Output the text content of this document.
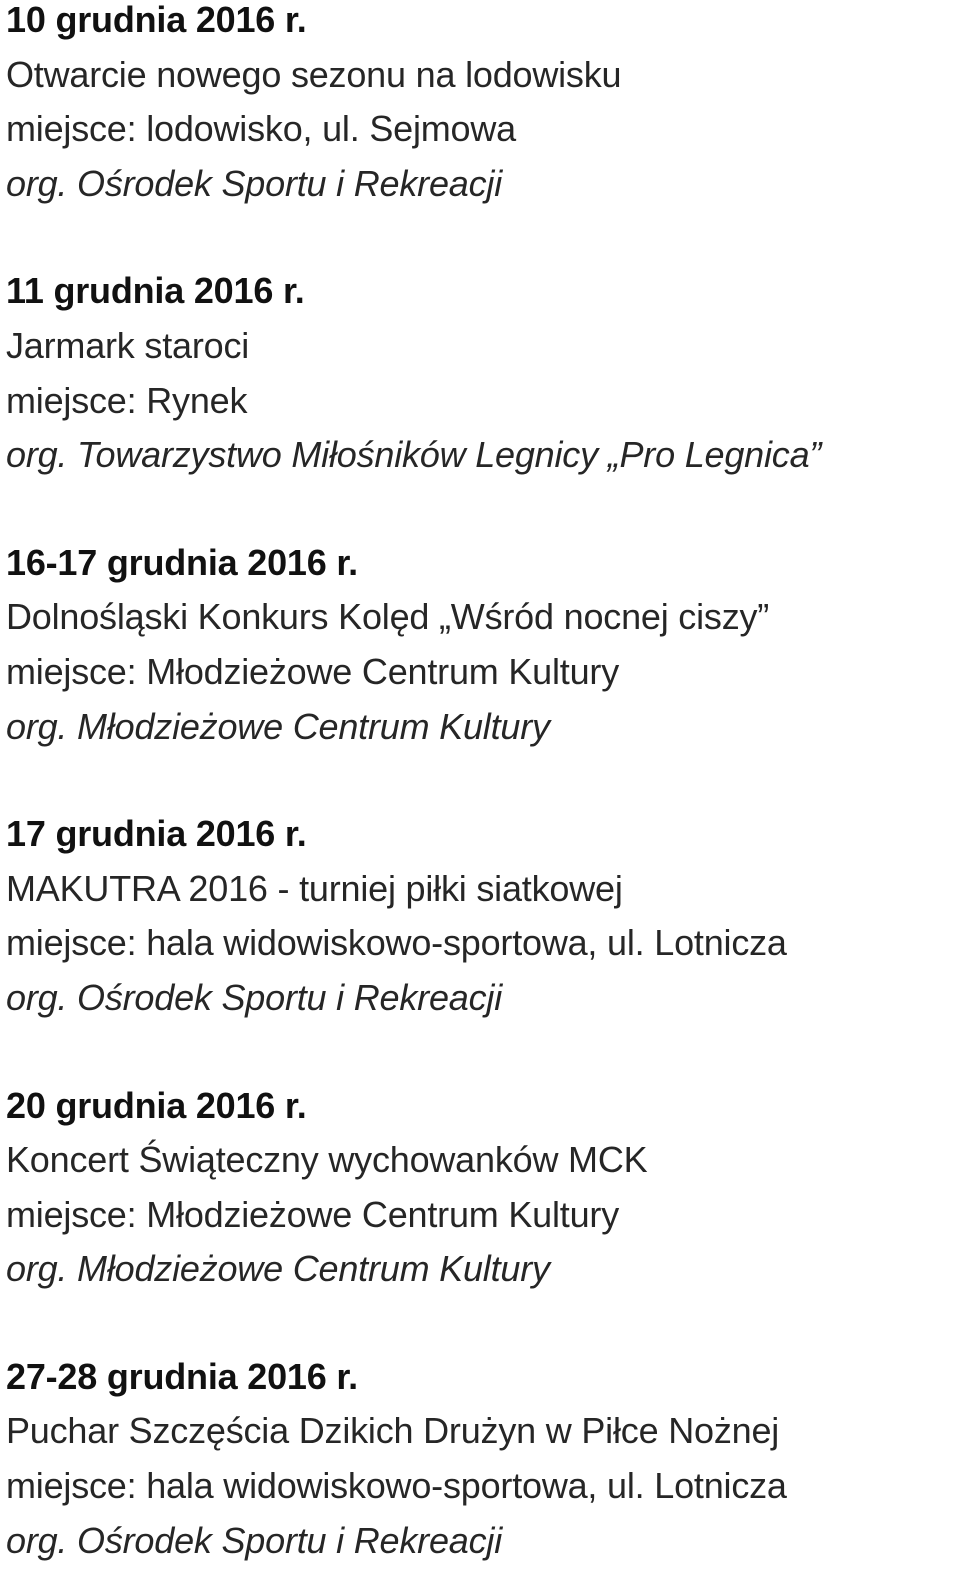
10 grudnia 2016 r.
Otwarcie nowego sezonu na lodowisku
miejsce: lodowisko, ul. Sejmowa
org. Ośrodek Sportu i Rekreacji
11 grudnia 2016 r.
Jarmark staroci
miejsce: Rynek
org. Towarzystwo Miłośników Legnicy „Pro Legnica”
16-17 grudnia 2016 r.
Dolnośląski Konkurs Kolęd „Wśród nocnej ciszy”
miejsce: Młodzieżowe Centrum Kultury
org. Młodzieżowe Centrum Kultury
17 grudnia 2016 r.
MAKUTRA 2016 - turniej piłki siatkowej
miejsce: hala widowiskowo-sportowa, ul. Lotnicza
org. Ośrodek Sportu i Rekreacji
20 grudnia 2016 r.
Koncert Świąteczny wychowanków MCK
miejsce: Młodzieżowe Centrum Kultury
org. Młodzieżowe Centrum Kultury
27-28 grudnia 2016 r.
Puchar Szczęścia Dzikich Drużyn w Piłce Nożnej
miejsce: hala widowiskowo-sportowa, ul. Lotnicza
org. Ośrodek Sportu i Rekreacji
